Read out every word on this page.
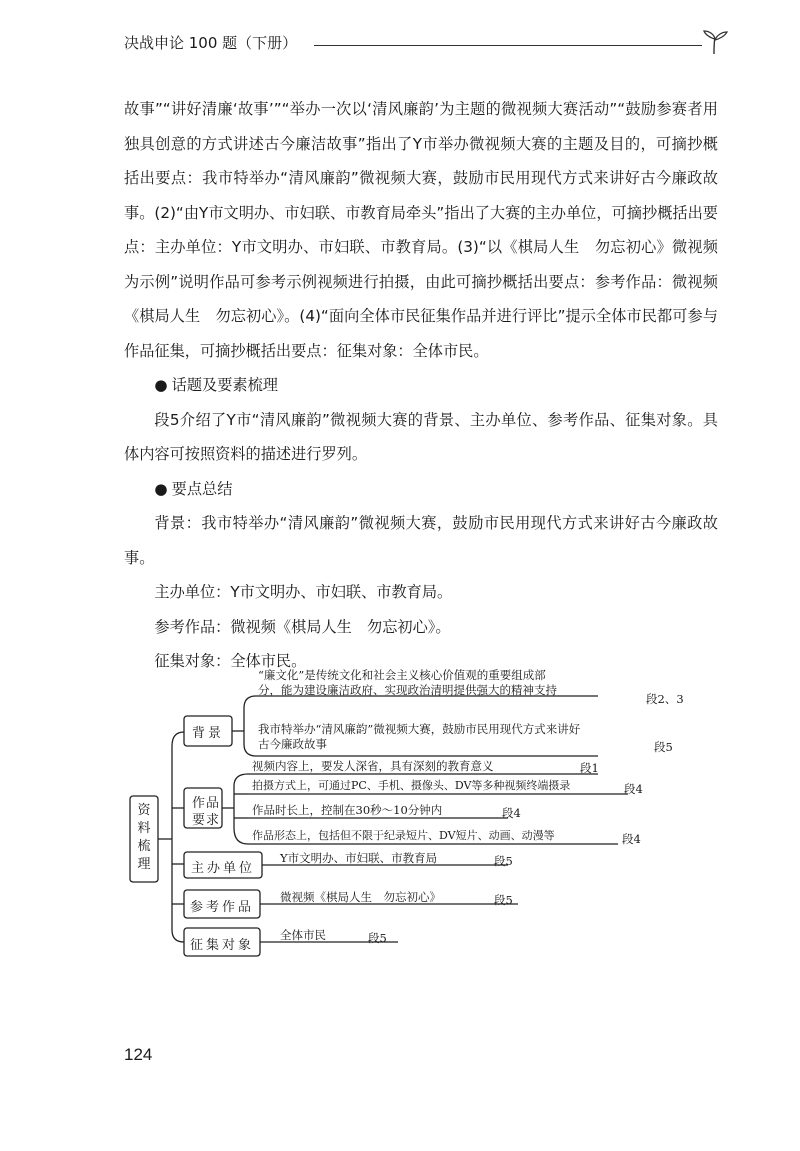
决战申论 100 题（下册）

故事”“讲好清廉‘故事’”“举办一次以‘清风廉韵’为主题的微视频大赛活动”“鼓励参赛者用独具创意的方式讲述古今廉洁故事”指出了Y市举办微视频大赛的主题及目的，可摘抄概括出要点：我市特举办“清风廉韵”微视频大赛，鼓励市民用现代方式来讲好古今廉政故事。(2)“由Y市文明办、市妇联、市教育局牵头”指出了大赛的主办单位，可摘抄概括出要点：主办单位：Y市文明办、市妇联、市教育局。(3)“以《棋局人生　勿忘初心》微视频为示例”说明作品可参考示例视频进行拍摄，由此可摘抄概括出要点：参考作品：微视频《棋局人生　勿忘初心》。(4)“面向全体市民征集作品并进行评比”提示全体市民都可参与作品征集，可摘抄概括出要点：征集对象：全体市民。

● 话题及要素梳理

段5介绍了Y市“清风廉韵”微视频大赛的背景、主办单位、参考作品、征集对象。具体内容可按照资料的描述进行罗列。

● 要点总结

背景：我市特举办“清风廉韵”微视频大赛，鼓励市民用现代方式来讲好古今廉政故事。

主办单位：Y市文明办、市妇联、市教育局。

参考作品：微视频《棋局人生　勿忘初心》。

征集对象：全体市民。

资料梳理
背景
“廉文化”是传统文化和社会主义核心价值观的重要组成部
分，能为建设廉洁政府、实现政治清明提供强大的精神支持
段2、3
我市特举办“清风廉韵”微视频大赛，鼓励市民用现代方式来讲好
古今廉政故事	段5
作品
要求
视频内容上，要发人深省，具有深刻的教育意义	段1
拍摄方式上，可通过PC、手机、摄像头、DV等多种视频终端摄录	段4
作品时长上，控制在30秒～10分钟内	段4
作品形态上，包括但不限于纪录短片、DV短片、动画、动漫等	段4
主办单位
Y市文明办、市妇联、市教育局	段5
参考作品
微视频《棋局人生　勿忘初心》	段5
征集对象
全体市民	段5
124
